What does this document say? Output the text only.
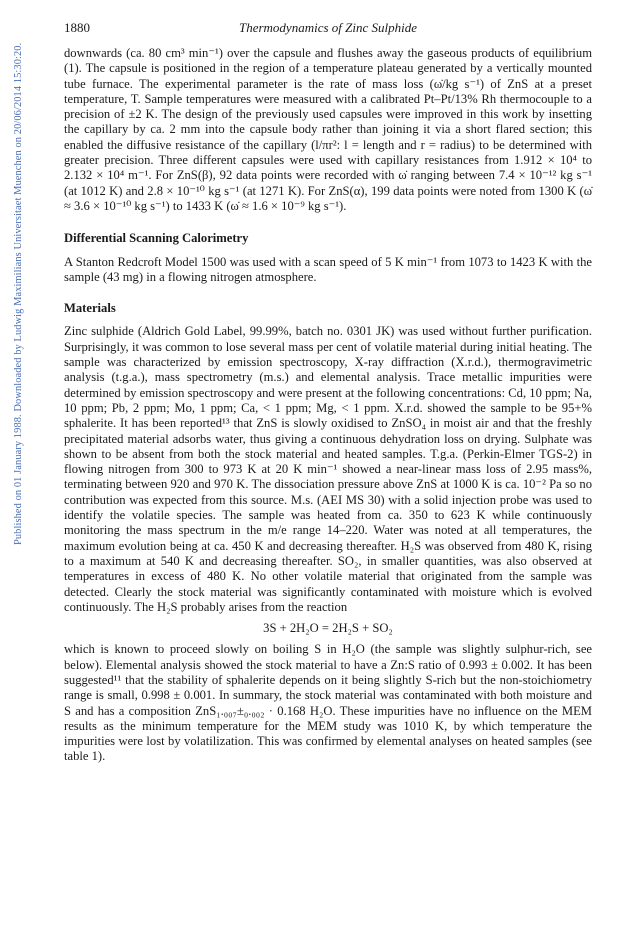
Published on 01 January 1988. Downloaded by Ludwig Maximilians Universitaet Muenchen on 20/06/2014 15:30:20.
1880	Thermodynamics of Zinc Sulphide

downwards (ca. 80 cm³ min⁻¹) over the capsule and flushes away the gaseous products of equilibrium (1). The capsule is positioned in the region of a temperature plateau generated by a vertically mounted tube furnace. The experimental parameter is the rate of mass loss (ω̇/kg s⁻¹) of ZnS at a preset temperature, T. Sample temperatures were measured with a calibrated Pt–Pt/13% Rh thermocouple to a precision of ±2 K. The design of the previously used capsules were improved in this work by insetting the capillary by ca. 2 mm into the capsule body rather than joining it via a short flared section; this enabled the diffusive resistance of the capillary (l/πr²: l = length and r = radius) to be determined with greater precision. Three different capsules were used with capillary resistances from 1.912 × 10⁴ to 2.132 × 10⁴ m⁻¹. For ZnS(β), 92 data points were recorded with ω̇ ranging between 7.4 × 10⁻¹² kg s⁻¹ (at 1012 K) and 2.8 × 10⁻¹⁰ kg s⁻¹ (at 1271 K). For ZnS(α), 199 data points were noted from 1300 K (ω̇ ≈ 3.6 × 10⁻¹⁰ kg s⁻¹) to 1433 K (ω̇ ≈ 1.6 × 10⁻⁹ kg s⁻¹).

Differential Scanning Calorimetry

A Stanton Redcroft Model 1500 was used with a scan speed of 5 K min⁻¹ from 1073 to 1423 K with the sample (43 mg) in a flowing nitrogen atmosphere.

Materials

Zinc sulphide (Aldrich Gold Label, 99.99%, batch no. 0301 JK) was used without further purification. Surprisingly, it was common to lose several mass per cent of volatile material during initial heating. The sample was characterized by emission spectroscopy, X-ray diffraction (X.r.d.), thermogravimetric analysis (t.g.a.), mass spectrometry (m.s.) and elemental analysis. Trace metallic impurities were determined by emission spectroscopy and were present at the following concentrations: Cd, 10 ppm; Na, 10 ppm; Pb, 2 ppm; Mo, 1 ppm; Ca, < 1 ppm; Mg, < 1 ppm. X.r.d. showed the sample to be 95+% sphalerite. It has been reported¹³ that ZnS is slowly oxidised to ZnSO₄ in moist air and that the freshly precipitated material adsorbs water, thus giving a continuous dehydration loss on drying. Sulphate was shown to be absent from both the stock material and heated samples. T.g.a. (Perkin-Elmer TGS-2) in flowing nitrogen from 300 to 973 K at 20 K min⁻¹ showed a near-linear mass loss of 2.95 mass%, terminating between 920 and 970 K. The dissociation pressure above ZnS at 1000 K is ca. 10⁻² Pa so no contribution was expected from this source. M.s. (AEI MS 30) with a solid injection probe was used to identify the volatile species. The sample was heated from ca. 350 to 623 K while continuously monitoring the mass spectrum in the m/e range 14–220. Water was noted at all temperatures, the maximum evolution being at ca. 450 K and decreasing thereafter. H₂S was observed from 480 K, rising to a maximum at 540 K and decreasing thereafter. SO₂, in smaller quantities, was also observed at temperatures in excess of 480 K. No other volatile material that originated from the sample was detected. Clearly the stock material was significantly contaminated with moisture which is evolved continuously. The H₂S probably arises from the reaction

3S + 2H₂O = 2H₂S + SO₂

which is known to proceed slowly on boiling S in H₂O (the sample was slightly sulphur-rich, see below). Elemental analysis showed the stock material to have a Zn:S ratio of 0.993 ± 0.002. It has been suggested¹¹ that the stability of sphalerite depends on it being slightly S-rich but the non-stoichiometry range is small, 0.998 ± 0.001. In summary, the stock material was contaminated with both moisture and S and has a composition ZnS₁.₀₀₇±₀.₀₀₂ · 0.168 H₂O. These impurities have no influence on the MEM results as the minimum temperature for the MEM study was 1010 K, by which temperature the impurities were lost by volatilization. This was confirmed by elemental analyses on heated samples (see table 1).
